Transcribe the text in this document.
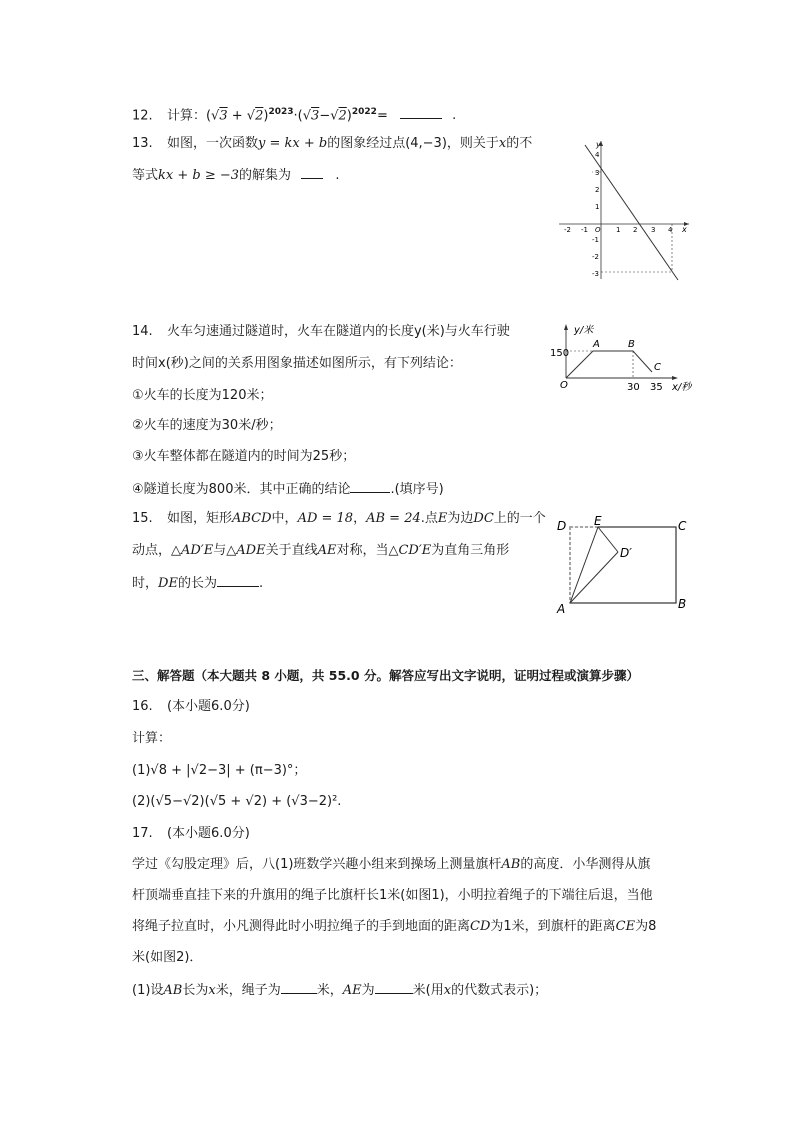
12. 计算：$(√3 + √2)^{2023}\cdot(√3-√2)^{2022}=$	.
13. 如图，一次函数y = kx + b的图象经过点(4,−3)，则关于x的不
等式kx + b ≥ −3的解集为	.
y
4
3
2
1
-1
-2
-3
-2 -1 O 1 2 3 4 x
14. 火车匀速通过隧道时，火车在隧道内的长度y(米)与火车行驶
时间x(秒)之间的关系用图象描述如图所示，有下列结论：
①火车的长度为120米；
②火车的速度为30米/秒；
③火车整体都在隧道内的时间为25秒；
④隧道长度为800米．其中正确的结论	.(填序号)
y/米
150
A	B
C
O	30 35 x/秒
15. 如图，矩形ABCD中，AD = 18，AB = 24.点E为边DC上的一个
动点，△AD′E与△ADE关于直线AE对称，当△CD′E为直角三角形
时，DE的长为	.
D E	C
D′
A	B
三、解答题（本大题共 8 小题，共 55.0 分。解答应写出文字说明，证明过程或演算步骤）
16. (本小题6.0分)
计算：
(1)√8 + |√2−3| + (π−3)°；
(2)(√5−√2)(√5 + √2) + (√3−2)².
17. (本小题6.0分)
学过《勾股定理》后，八(1)班数学兴趣小组来到操场上测量旗杆AB的高度．小华测得从旗
杆顶端垂直挂下来的升旗用的绳子比旗杆长1米(如图1)，小明拉着绳子的下端往后退，当他
将绳子拉直时，小凡测得此时小明拉绳子的手到地面的距离CD为1米，到旗杆的距离CE为8
米(如图2)．
(1)设AB长为x米，绳子为	米，AE为	米(用x的代数式表示)；
